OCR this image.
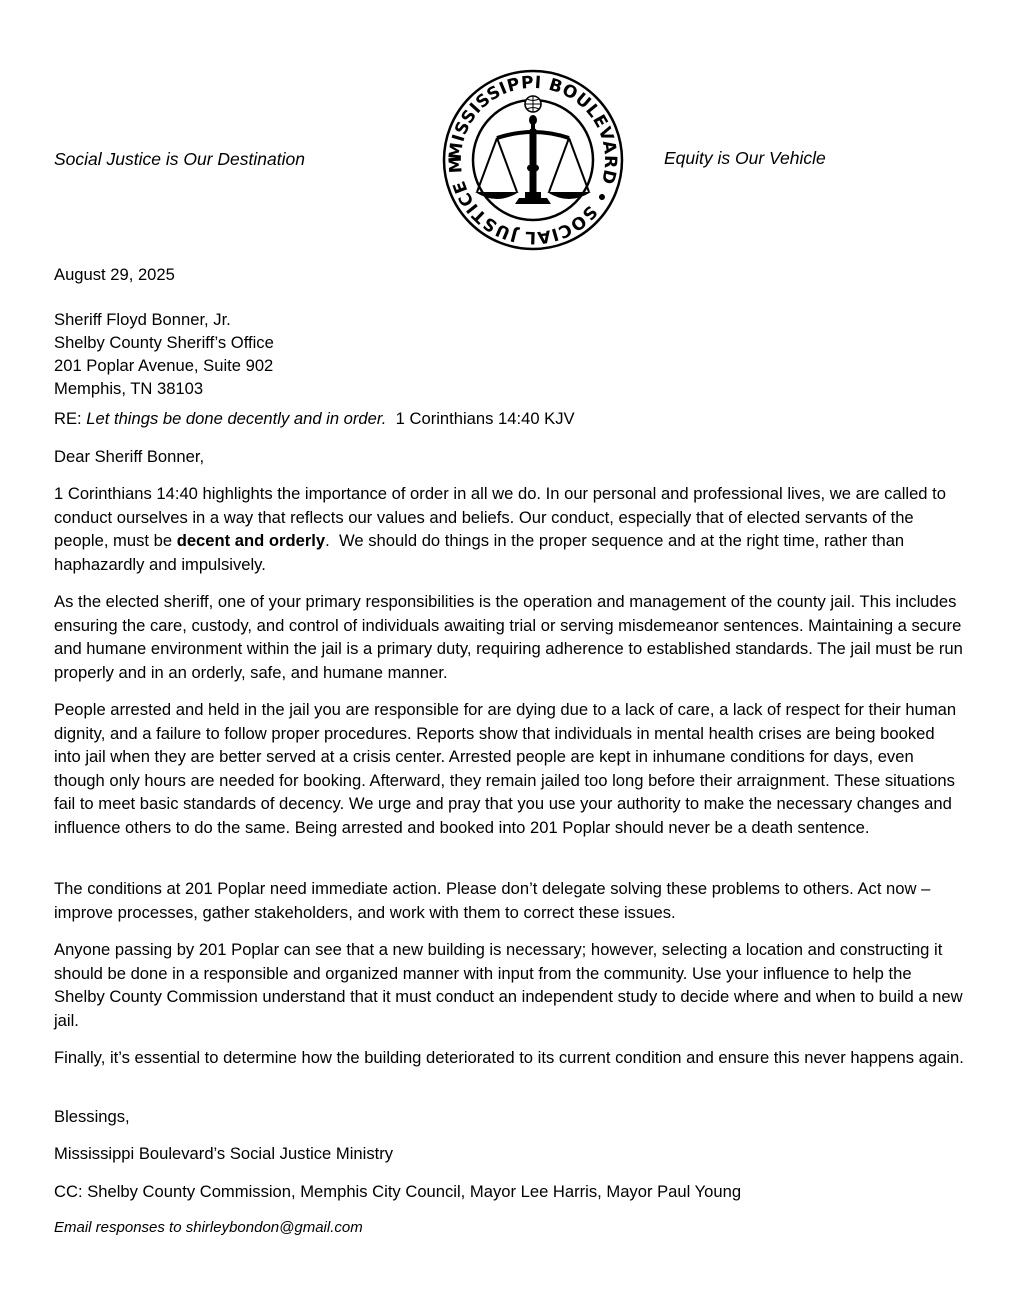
Social Justice is Our Destination	MISSISSIPPI BOULEVARD • SOCIAL JUSTICE M	Equity is Our Vehicle
August 29, 2025
Sheriff Floyd Bonner, Jr.
Shelby County Sheriff’s Office
201 Poplar Avenue, Suite 902
Memphis, TN 38103
RE: Let things be done decently and in order.  1 Corinthians 14:40 KJV
Dear Sheriff Bonner,
1 Corinthians 14:40 highlights the importance of order in all we do. In our personal and professional lives, we are called to conduct ourselves in a way that reflects our values and beliefs. Our conduct, especially that of elected servants of the people, must be decent and orderly.  We should do things in the proper sequence and at the right time, rather than haphazardly and impulsively.
As the elected sheriff, one of your primary responsibilities is the operation and management of the county jail. This includes ensuring the care, custody, and control of individuals awaiting trial or serving misdemeanor sentences. Maintaining a secure and humane environment within the jail is a primary duty, requiring adherence to established standards. The jail must be run properly and in an orderly, safe, and humane manner.
People arrested and held in the jail you are responsible for are dying due to a lack of care, a lack of respect for their human dignity, and a failure to follow proper procedures. Reports show that individuals in mental health crises are being booked into jail when they are better served at a crisis center. Arrested people are kept in inhumane conditions for days, even though only hours are needed for booking. Afterward, they remain jailed too long before their arraignment. These situations fail to meet basic standards of decency. We urge and pray that you use your authority to make the necessary changes and influence others to do the same. Being arrested and booked into 201 Poplar should never be a death sentence.
The conditions at 201 Poplar need immediate action. Please don’t delegate solving these problems to others. Act now – improve processes, gather stakeholders, and work with them to correct these issues.
Anyone passing by 201 Poplar can see that a new building is necessary; however, selecting a location and constructing it should be done in a responsible and organized manner with input from the community. Use your influence to help the Shelby County Commission understand that it must conduct an independent study to decide where and when to build a new jail.
Finally, it’s essential to determine how the building deteriorated to its current condition and ensure this never happens again.
Blessings,
Mississippi Boulevard’s Social Justice Ministry
CC: Shelby County Commission, Memphis City Council, Mayor Lee Harris, Mayor Paul Young
Email responses to shirleybondon@gmail.com
